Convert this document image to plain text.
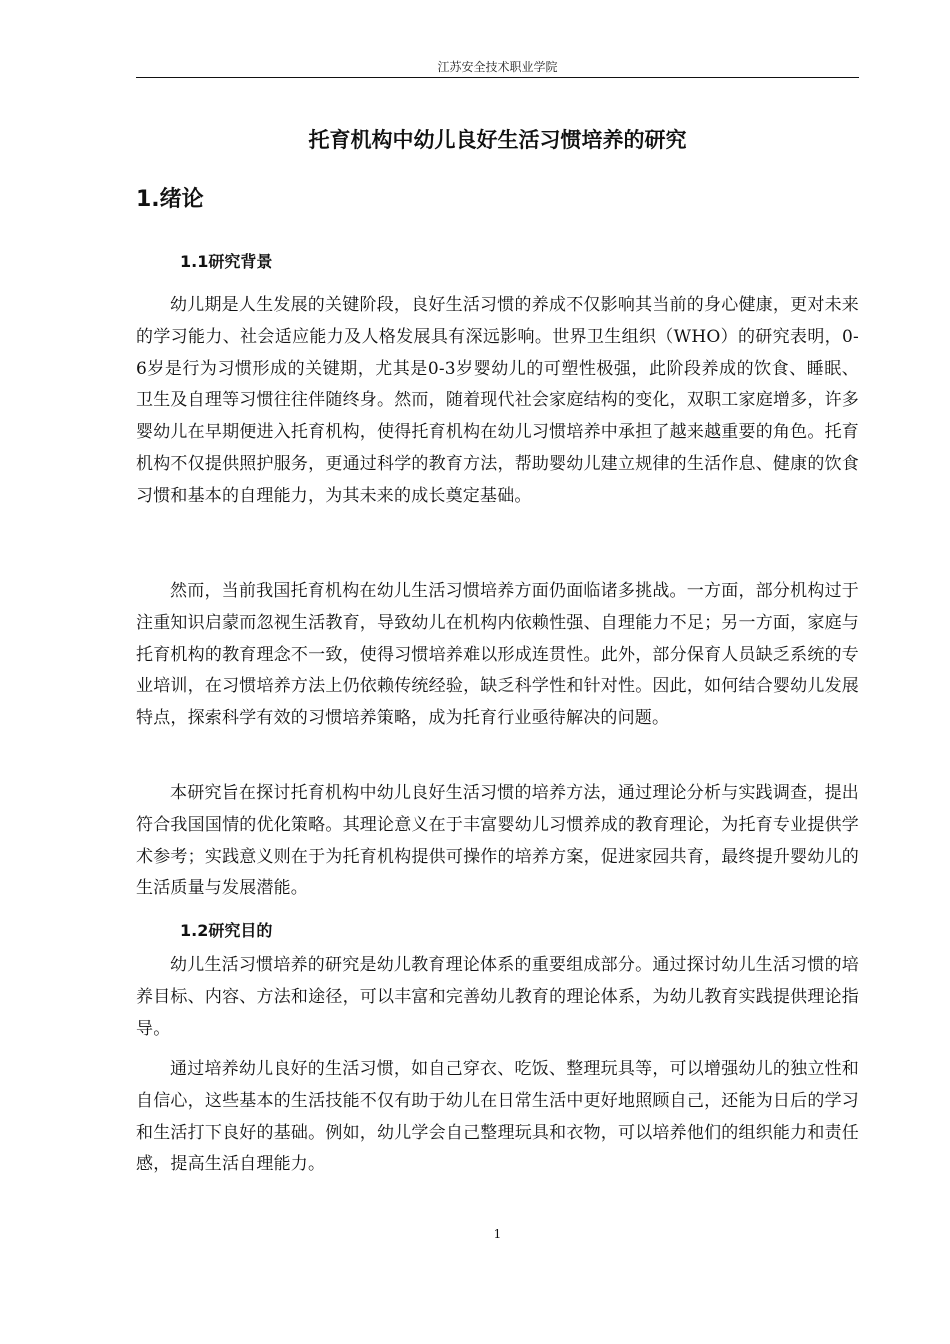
江苏安全技术职业学院
托育机构中幼儿良好生活习惯培养的研究
1.绪论
1.1研究背景

幼儿期是人生发展的关键阶段，良好生活习惯的养成不仅影响其当前的身心健康，更对未来的学习能力、社会适应能力及人格发展具有深远影响。世界卫生组织（WHO）的研究表明，0-6岁是行为习惯形成的关键期，尤其是0-3岁婴幼儿的可塑性极强，此阶段养成的饮食、睡眠、卫生及自理等习惯往往伴随终身。然而，随着现代社会家庭结构的变化，双职工家庭增多，许多婴幼儿在早期便进入托育机构，使得托育机构在幼儿习惯培养中承担了越来越重要的角色。托育机构不仅提供照护服务，更通过科学的教育方法，帮助婴幼儿建立规律的生活作息、健康的饮食习惯和基本的自理能力，为其未来的成长奠定基础。

然而，当前我国托育机构在幼儿生活习惯培养方面仍面临诸多挑战。一方面，部分机构过于注重知识启蒙而忽视生活教育，导致幼儿在机构内依赖性强、自理能力不足；另一方面，家庭与托育机构的教育理念不一致，使得习惯培养难以形成连贯性。此外，部分保育人员缺乏系统的专业培训，在习惯培养方法上仍依赖传统经验，缺乏科学性和针对性。因此，如何结合婴幼儿发展特点，探索科学有效的习惯培养策略，成为托育行业亟待解决的问题。

本研究旨在探讨托育机构中幼儿良好生活习惯的培养方法，通过理论分析与实践调查，提出符合我国国情的优化策略。其理论意义在于丰富婴幼儿习惯养成的教育理论，为托育专业提供学术参考；实践意义则在于为托育机构提供可操作的培养方案，促进家园共育，最终提升婴幼儿的生活质量与发展潜能。

1.2研究目的

幼儿生活习惯培养的研究是幼儿教育理论体系的重要组成部分。通过探讨幼儿生活习惯的培养目标、内容、方法和途径，可以丰富和完善幼儿教育的理论体系，为幼儿教育实践提供理论指导。

通过培养幼儿良好的生活习惯，如自己穿衣、吃饭、整理玩具等，可以增强幼儿的独立性和自信心，这些基本的生活技能不仅有助于幼儿在日常生活中更好地照顾自己，还能为日后的学习和生活打下良好的基础。例如，幼儿学会自己整理玩具和衣物，可以培养他们的组织能力和责任感，提高生活自理能力。

1
